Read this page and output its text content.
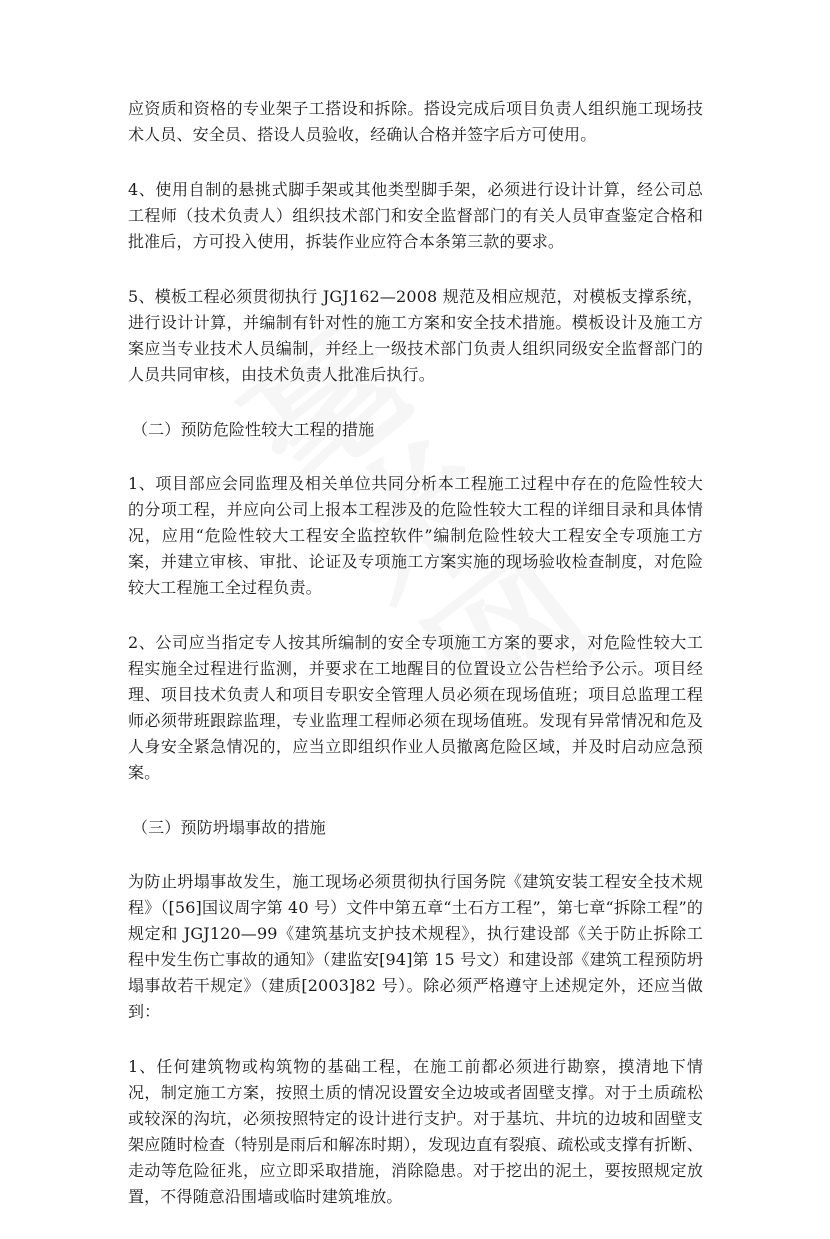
应资质和资格的专业架子工搭设和拆除。搭设完成后项目负责人组织施工现场技术人员、安全员、搭设人员验收，经确认合格并签字后方可使用。

4、使用自制的悬挑式脚手架或其他类型脚手架，必须进行设计计算，经公司总工程师（技术负责人）组织技术部门和安全监督部门的有关人员审查鉴定合格和批准后，方可投入使用，拆装作业应符合本条第三款的要求。

5、模板工程必须贯彻执行 JGJ162—2008 规范及相应规范，对模板支撑系统，进行设计计算，并编制有针对性的施工方案和安全技术措施。模板设计及施工方案应当专业技术人员编制，并经上一级技术部门负责人组织同级安全监督部门的人员共同审核，由技术负责人批准后执行。

（二）预防危险性较大工程的措施

1、项目部应会同监理及相关单位共同分析本工程施工过程中存在的危险性较大的分项工程，并应向公司上报本工程涉及的危险性较大工程的详细目录和具体情况，应用“危险性较大工程安全监控软件”编制危险性较大工程安全专项施工方案，并建立审核、审批、论证及专项施工方案实施的现场验收检查制度，对危险较大工程施工全过程负责。

2、公司应当指定专人按其所编制的安全专项施工方案的要求，对危险性较大工程实施全过程进行监测，并要求在工地醒目的位置设立公告栏给予公示。项目经理、项目技术负责人和项目专职安全管理人员必须在现场值班；项目总监理工程师必须带班跟踪监理，专业监理工程师必须在现场值班。发现有异常情况和危及人身安全紧急情况的，应当立即组织作业人员撤离危险区域，并及时启动应急预案。

（三）预防坍塌事故的措施

为防止坍塌事故发生，施工现场必须贯彻执行国务院《建筑安装工程安全技术规程》（[56]国议周字第 40 号）文件中第五章“土石方工程”，第七章“拆除工程”的规定和 JGJ120—99《建筑基坑支护技术规程》，执行建设部《关于防止拆除工程中发生伤亡事故的通知》（建监安[94]第 15 号文）和建设部《建筑工程预防坍塌事故若干规定》（建质[2003]82 号）。除必须严格遵守上述规定外，还应当做到：

1、任何建筑物或构筑物的基础工程，在施工前都必须进行勘察，摸清地下情况，制定施工方案，按照土质的情况设置安全边坡或者固壁支撑。对于土质疏松或较深的沟坑，必须按照特定的设计进行支护。对于基坑、井坑的边坡和固壁支架应随时检查（特别是雨后和解冻时期），发现边直有裂痕、疏松或支撑有折断、走动等危险征兆，应立即采取措施，消除隐患。对于挖出的泥土，要按照规定放置，不得随意沿围墙或临时建筑堆放。
